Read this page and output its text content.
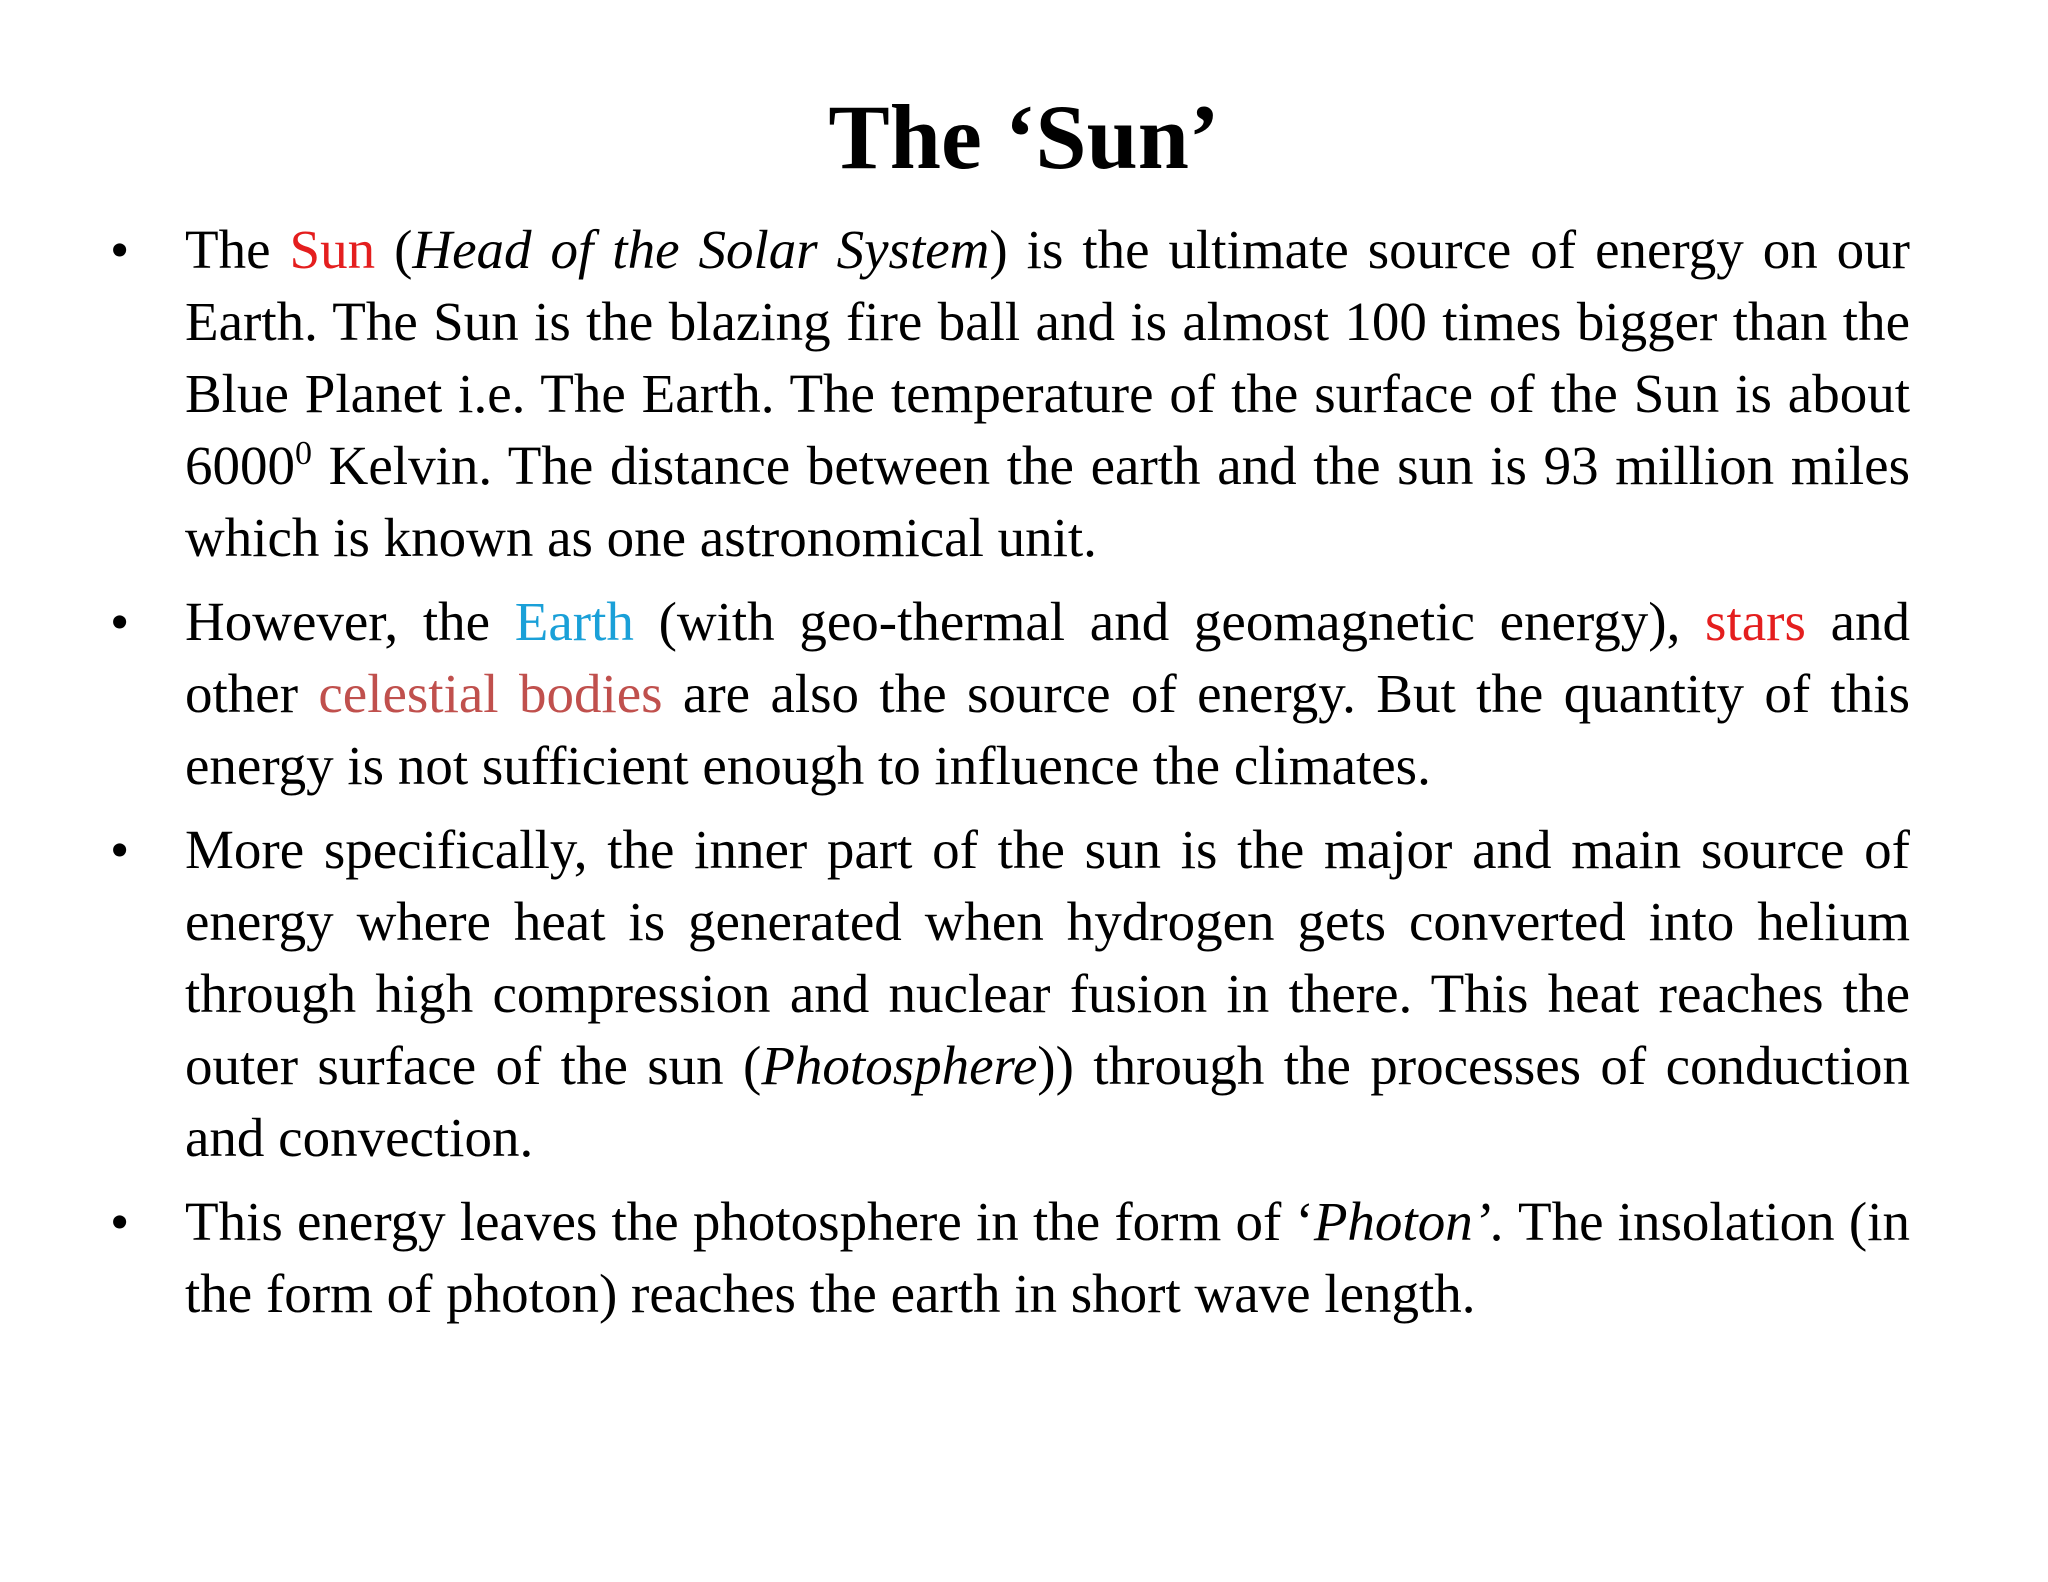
The ‘Sun’
•	The Sun (Head of the Solar System) is the ultimate source of energy on our Earth. The Sun is the blazing fire ball and is almost 100 times bigger than the Blue Planet i.e. The Earth. The temperature of the surface of the Sun is about 6000$^0$ Kelvin. The distance between the earth and the sun is 93 million miles which is known as one astronomical unit.
•	However, the Earth (with geo-thermal and geomagnetic energy), stars and other celestial bodies are also the source of energy. But the quantity of this energy is not sufficient enough to influence the climates.
•	More specifically, the inner part of the sun is the major and main source of energy where heat is generated when hydrogen gets converted into helium through high compression and nuclear fusion in there. This heat reaches the outer surface of the sun (Photosphere)) through the processes of conduction and convection.
•	This energy leaves the photosphere in the form of ‘Photon’. The insolation (in the form of photon) reaches the earth in short wave length.
